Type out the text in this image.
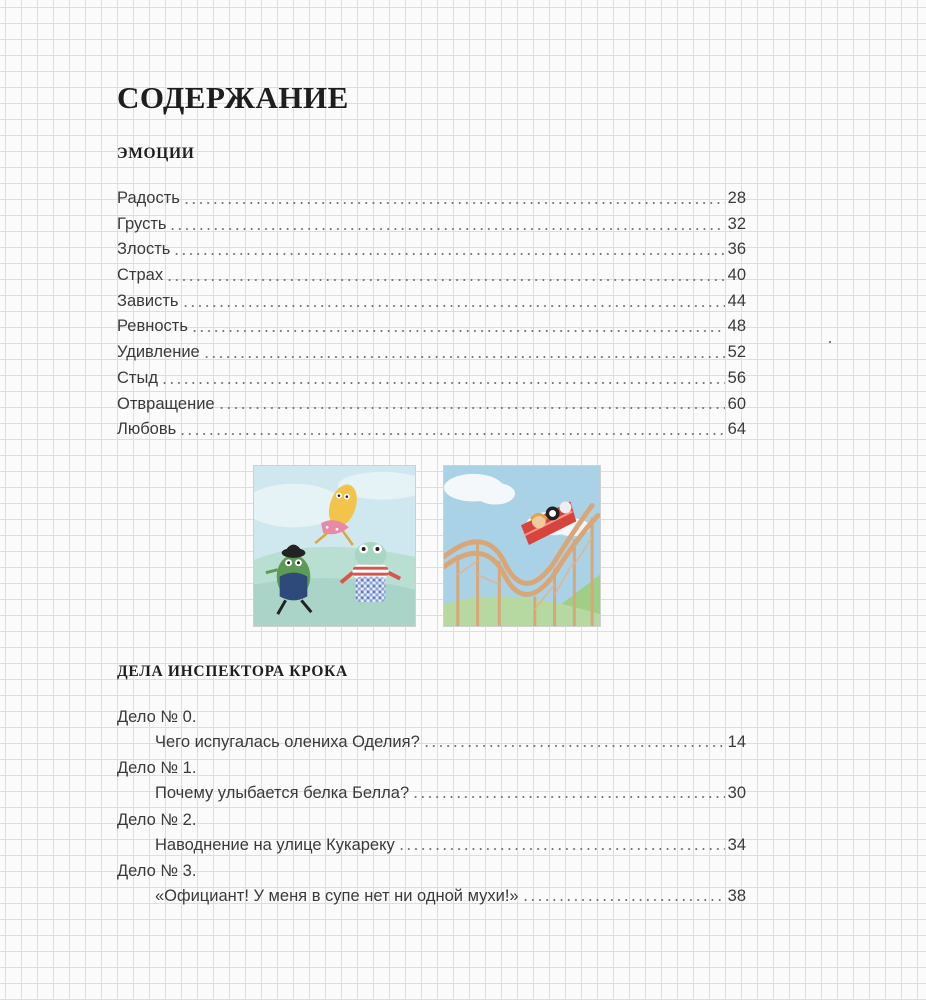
СОДЕРЖАНИЕ
ЭМОЦИИ
Радость	28
Грусть	32
Злость	36
Страх	40
Зависть	44
Ревность	48
Удивление	52
Стыд	56
Отвращение	60
Любовь	64
ДЕЛА ИНСПЕКТОРА КРОКА
Дело № 0.
Чего испугалась олениха Оделия?	14
Дело № 1.
Почему улыбается белка Белла?	30
Дело № 2.
Наводнение на улице Кукареку	34
Дело № 3.
«Официант! У меня в супе нет ни одной мухи!»	38
